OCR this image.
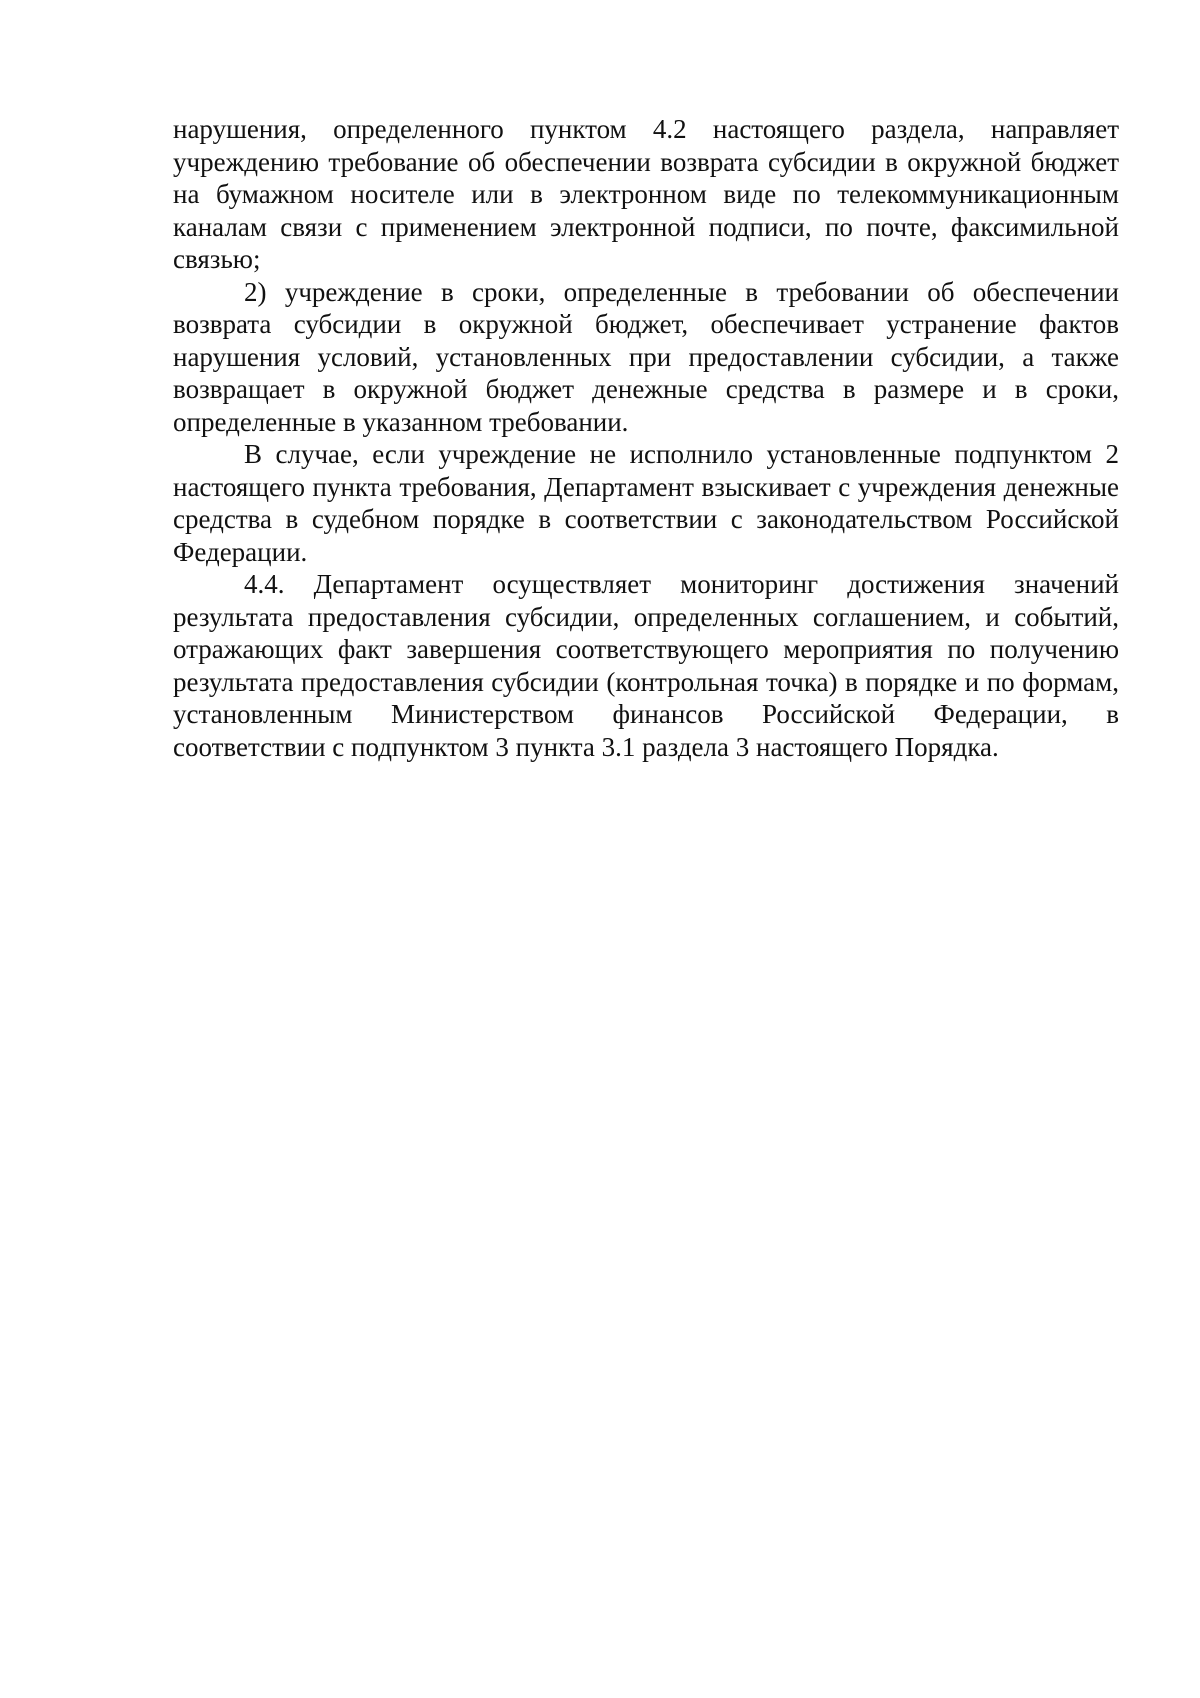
нарушения, определенного пунктом 4.2 настоящего раздела, направляет учреждению требование об обеспечении возврата субсидии в окружной бюджет на бумажном носителе или в электронном виде по телекоммуникационным каналам связи с применением электронной подписи, по почте, факсимильной связью;

2) учреждение в сроки, определенные в требовании об обеспечении возврата субсидии в окружной бюджет, обеспечивает устранение фактов нарушения условий, установленных при предоставлении субсидии, а также возвращает в окружной бюджет денежные средства в размере и в сроки, определенные в указанном требовании.

В случае, если учреждение не исполнило установленные подпунктом 2 настоящего пункта требования, Департамент взыскивает с учреждения денежные средства в судебном порядке в соответствии с законодательством Российской Федерации.

4.4. Департамент осуществляет мониторинг достижения значений результата предоставления субсидии, определенных соглашением, и событий, отражающих факт завершения соответствующего мероприятия по получению результата предоставления субсидии (контрольная точка) в порядке и по формам, установленным Министерством финансов Российской Федерации, в соответствии с подпунктом 3 пункта 3.1 раздела 3 настоящего Порядка.
